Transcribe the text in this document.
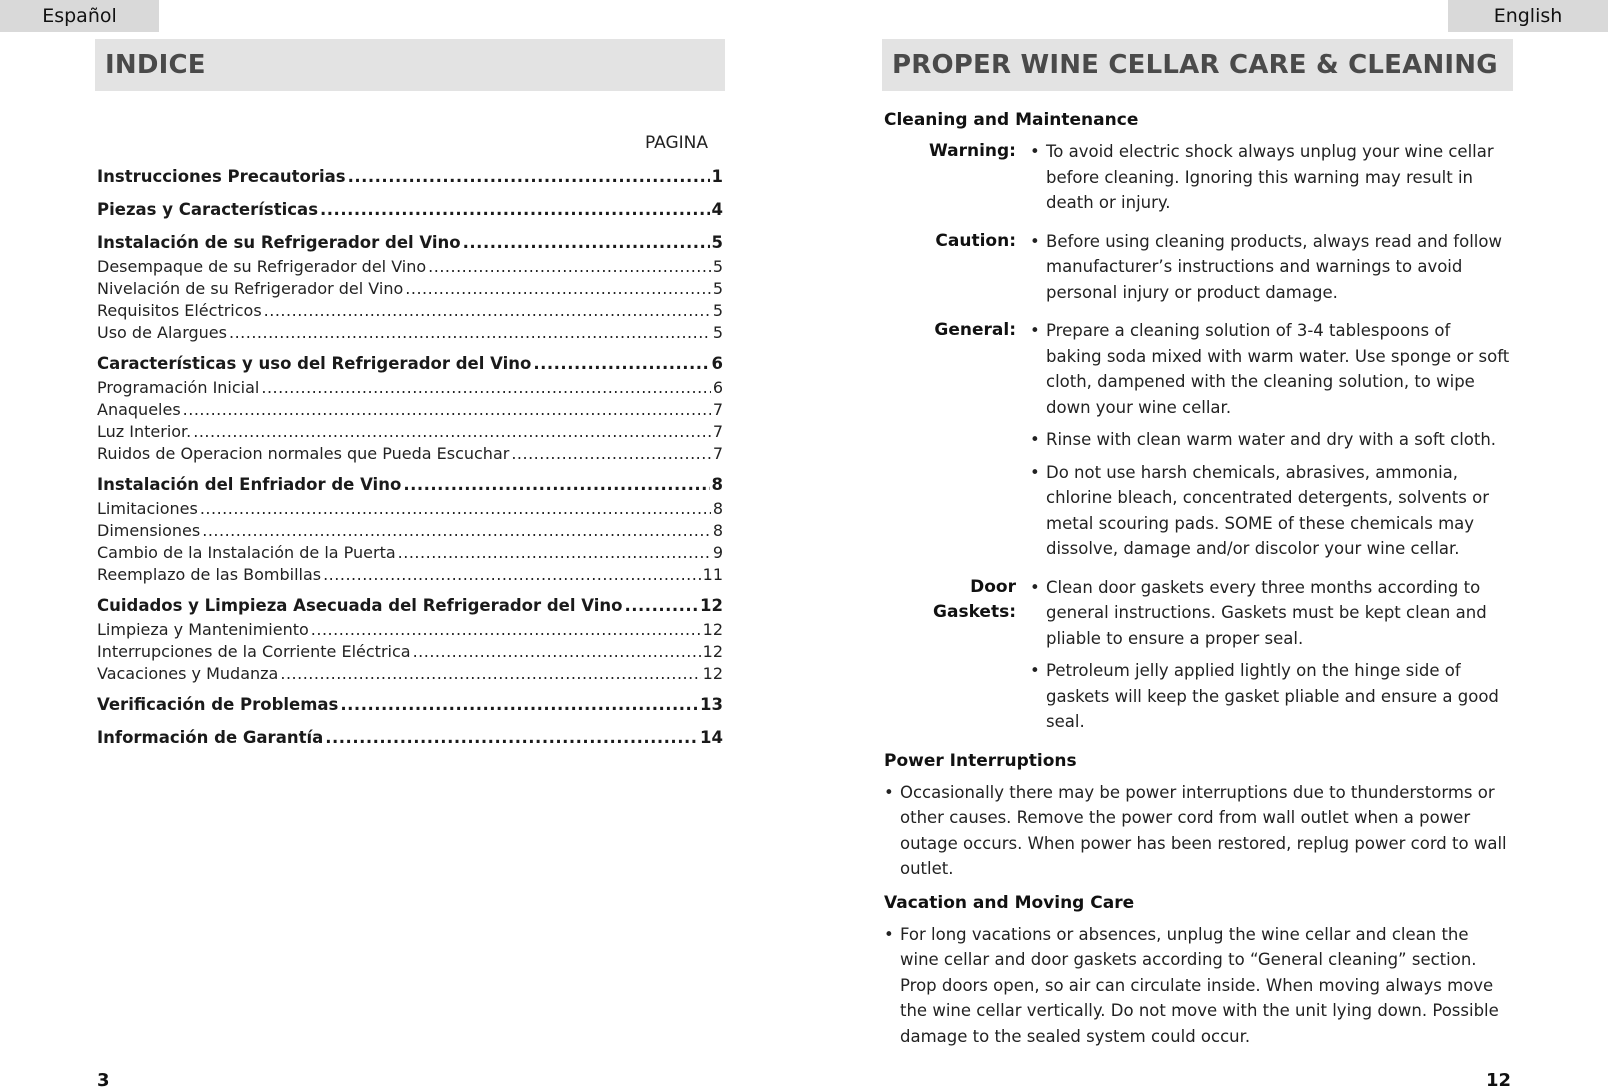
Español
INDICE
PAGINA
Instrucciones Precautorias .....	1
Piezas y Características .....	4
Instalación de su Refrigerador del Vino .....	5
Desempaque de su Refrigerador del Vino .....	5
Nivelación de su Refrigerador del Vino .....	5
Requisitos Eléctricos .....	5
Uso de Alargues .....	5
Características y uso del Refrigerador del Vino .....	6
Programación Inicial .....	6
Anaqueles .....	7
Luz Interior. .....	7
Ruidos de Operacion normales que Pueda Escuchar .....	7
Instalación del Enfriador de Vino .....	8
Limitaciones .....	8
Dimensiones .....	8
Cambio de la Instalación de la Puerta .....	9
Reemplazo de las Bombillas .....	11
Cuidados y Limpieza Asecuada del Refrigerador del Vino .....	12
Limpieza y Mantenimiento .....	12
Interrupciones de la Corriente Eléctrica .....	12
Vacaciones y Mudanza .....	12
Verificación de Problemas .....	13
Información de Garantía .....	14
3
English
PROPER WINE CELLAR CARE & CLEANING
Cleaning and Maintenance
Warning:	• To avoid electric shock always unplug your wine cellar before cleaning. Ignoring this warning may result in death or injury.
Caution:	• Before using cleaning products, always read and follow manufacturer’s instructions and warnings to avoid personal injury or product damage.
General:	• Prepare a cleaning solution of 3-4 tablespoons of baking soda mixed with warm water. Use sponge or soft cloth, dampened with the cleaning solution, to wipe down your wine cellar.
• Rinse with clean warm water and dry with a soft cloth.
• Do not use harsh chemicals, abrasives, ammonia, chlorine bleach, concentrated detergents, solvents or metal scouring pads. SOME of these chemicals may dissolve, damage and/or discolor your wine cellar.
Door Gaskets:
• Clean door gaskets every three months according to general instructions. Gaskets must be kept clean and pliable to ensure a proper seal.
• Petroleum jelly applied lightly on the hinge side of gaskets will keep the gasket pliable and ensure a good seal.
Power Interruptions
• Occasionally there may be power interruptions due to thunderstorms or other causes. Remove the power cord from wall outlet when a power outage occurs. When power has been restored, replug power cord to wall outlet.
Vacation and Moving Care
• For long vacations or absences, unplug the wine cellar and clean the wine cellar and door gaskets according to “General cleaning” section. Prop doors open, so air can circulate inside. When moving always move the wine cellar vertically. Do not move with the unit lying down. Possible damage to the sealed system could occur.
12
